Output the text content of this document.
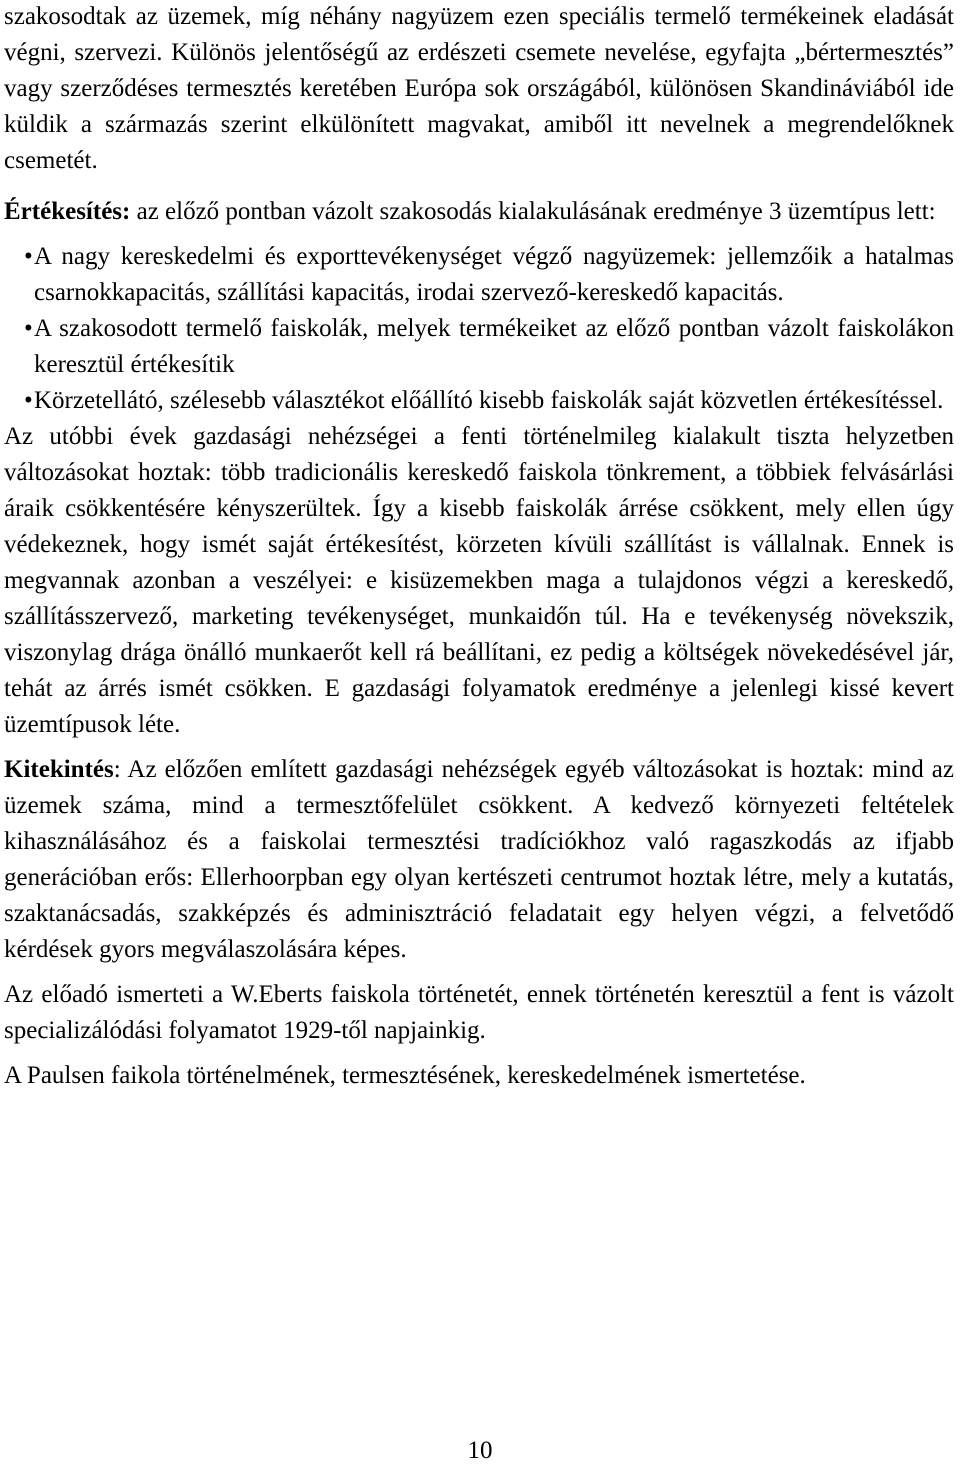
szakosodtak az üzemek, míg néhány nagyüzem ezen speciális termelő termékeinek eladását végni, szervezi. Különös jelentőségű az erdészeti csemete nevelése, egyfajta „bértermesztés” vagy szerződéses termesztés keretében Európa sok országából, különösen Skandináviából ide küldik a származás szerint elkülönített magvakat, amiből itt nevelnek a megrendelőknek csemetét.

Értékesítés: az előző pontban vázolt szakosodás kialakulásának eredménye 3 üzemtípus lett:

• A nagy kereskedelmi és exporttevékenységet végző nagyüzemek: jellemzőik a hatalmas csarnokkapacitás, szállítási kapacitás, irodai szervező-kereskedő kapacitás.
• A szakosodott termelő faiskolák, melyek termékeiket az előző pontban vázolt faiskolákon keresztül értékesítik
• Körzetellátó, szélesebb választékot előállító kisebb faiskolák saját közvetlen értékesítéssel.

Az utóbbi évek gazdasági nehézségei a fenti történelmileg kialakult tiszta helyzetben változásokat hoztak: több tradicionális kereskedő faiskola tönkrement, a többiek felvásárlási áraik csökkentésére kényszerültek. Így a kisebb faiskolák árrése csökkent, mely ellen úgy védekeznek, hogy ismét saját értékesítést, körzeten kívüli szállítást is vállalnak. Ennek is megvannak azonban a veszélyei: e kisüzemekben maga a tulajdonos végzi a kereskedő, szállításszervező, marketing tevékenységet, munkaidőn túl. Ha e tevékenység növekszik, viszonylag drága önálló munkaerőt kell rá beállítani, ez pedig a költségek növekedésével jár, tehát az árrés ismét csökken. E gazdasági folyamatok eredménye a jelenlegi kissé kevert üzemtípusok léte.

Kitekintés: Az előzően említett gazdasági nehézségek egyéb változásokat is hoztak: mind az üzemek száma, mind a termesztőfelület csökkent. A kedvező környezeti feltételek kihasználásához és a faiskolai termesztési tradíciókhoz való ragaszkodás az ifjabb generációban erős: Ellerhoorpban egy olyan kertészeti centrumot hoztak létre, mely a kutatás, szaktanácsadás, szakképzés és adminisztráció feladatait egy helyen végzi, a felvetődő kérdések gyors megválaszolására képes.

Az előadó ismerteti a W.Eberts faiskola történetét, ennek történetén keresztül a fent is vázolt specializálódási folyamatot 1929-től napjainkig.

A Paulsen faikola történelmének, termesztésének, kereskedelmének ismertetése.

10
